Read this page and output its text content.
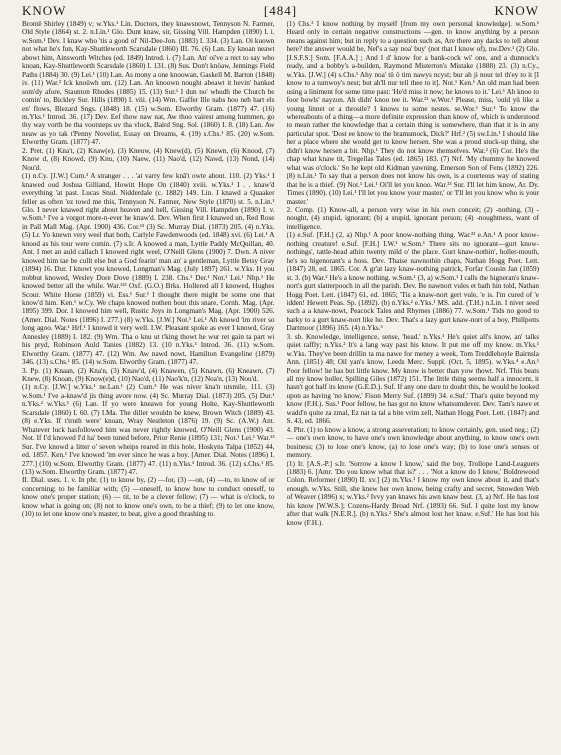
KNOW	[484]	KNOW

Brontë Shirley (1849) v; w.Yks.¹ Lin. Doctors, they knawsnowt, Tennyson N. Farmer, Old Style (1864) st. 2. n.Lin.¹ Glo. Dunt knaw, sir, Gissing Vill. Hampden (1890) I. i. w.Som.¹ Dev. I knaw who 'tis a good ol' Nil-Dee-Jon. (1883) I. 334. (3) Lan. Oi kuown not what he's fun, Kay-Shuttleworth Scarsdale (1860) III. 76. (6) Lan. Ey knoan neawt abowt him, Ainsworth Witches (ed. 1849) Introd. i. (7) Lan. An' oi've a rect to say who knoan, Kay-Shuttleworth Scarsdale (1860) I. 131. (8) Sus. Don't knöaw, Jennings Field Paths (1884) 30. (9) Lei.¹ (10) Lan. As mony a one knoowan, Gaskell M. Barton (1848) iv. (11) War.² Ick knoüwh um. (12) Lan. An knoown nought abeawt it hevin' banked som'dy afore, Staunton Rhodes (1885) 15. (13) Sur.¹ I dun no' whudh the Church be comin' to, Bickley Sur. Hills (1890) I. viii. (14) Wm. Gaffer Ille nabs hoo neh hart els en' flows, Blezard Sngs. (1848) 18. (15) w.Som. Elworthy Gram. (1877) 47. (16) m.Yks.¹ Introd. 36. (17) Dev. Eef thow naw nat, Aw thoo vairest among hummen, go thy way vorth be tha vootsteps uv tha vlock, Baird Sng. Sol. (1860) I. 8. (18) Lan. Aw neaw as yo tak t'Penny Novelist, Essay on Dreams, 4. (19) s.Chs.¹ 85. (20) w.Som. Elworthy Gram. (1877) 47.

2. Pret. (1) Kna't, (2) Knaw(e), (3) Kneuw, (4) Knew(d), (5) Knewn, (6) Knood, (7) Know d, (8) Knowd, (9) Knu, (10) Naew, (11) Nao'd, (12) Nawd, (13) Nond, (14) Nou'd.

(1) n.Cy. [J.W.] Cum.³ A stranger . . . 'at varry few knā't owte about. 110. (2) Yks.¹ I knawed oud Joshua Gilliand, Howitt Hope On (1840) xviii. w.Yks.¹ I . . knaw'd everything 'at past. Lucas Stud. Nidderdale (c. 1882) 149. Lin. I knawd a Quaaker feller as often 'ez towd me this, Tennyson N. Farmer, New Style (1870) st. 5. n.Lin.¹ Glo. I never knawed right about heaven and hell, Gissing Vill. Hampden (1890) I. v. w.Som.¹ I've a vorgot more-n-ever he knaw'd. Dev. When first I knawed un, Red Rose in Pall Mall Mag. (Apr. 1900) 436. Cor.¹³ (3) Sc. Murray Dial. (1873) 205. (4) n.Yks. (5) Lr. Yo knewn very weel that both, Carlyle Fawdenwoods (ed. 1848) xvi. (6) Lei.¹ A knood as his tour were comin. (7) s.Ir. A knowed a man, Lyttle Paddy McQuillan, 40. Ant. I met an auld callach I knowed right weel, O'Neill Glens (1900) 7. Dwn. A niver knowed him tae be cullt else but a God fearin' man an' a gentleman, Lyttle Betsy Gray (1894) 16. Dur. I knowt you knowed, Longman's Mag. (July 1897) 261. w.Yks. H you nobbut knowed, Wesley Dore Dove (1889) I. 238. Chs.¹ Der.¹ Not.¹ Lei.¹ Nhp.¹ He knowed better all the while. War.¹²³ Oxf. (G.O.) Brks. Hollered all I knowed, Hughes Scour. White Horse (1859) vi. Ess.¹ Sur.¹ I thought there might be some one that know'd him. Ken.¹ w.Cy. We chaps knowed nothen bout this snare, Cornh. Mag. (Apr. 1895) 399. Dor. I knowed him well, Rustic Joys in Longman's Mag. (Apr. 1900) 526. (Amer. Dial. Notes (1896) I. 277.) (8) w.Yks. [J.W.] Not.¹ Lei.¹ Ah knowd 'im river so long agoo. War.¹ Hrf.¹ I knowd it very well. I.W. Pleasant spoke as ever I knowd, Gray Annesley (1889) I. 182. (9) Wm. Tha o knu ut t'king thowt he wur ret gain ta part wi his pryd, Robinson Auld Tanies (1882) 13. (10 n.Yks.³ Introd. 36. (11) w.Som. Elworthy Gram. (1877) 47. (12) Wm. Aw nawd nowt, Hamilton Evangeline (1879) 346. (13) s.Chs.¹ 85. (14) w.Som. Elworthy Gram. (1877) 47.

3. Pp. (1) Knaan, (2) Kna'n, (3) Knaw'd, (4) Knawen, (5) Knawn, (6) Kneawn, (7) Knew, (8) Knoan, (9) Know(e)d, (10) Nao'd, (11) Nao'k'n, (12) Noa'n, (13) Nou'd.

(1) n.Cy. [J.W.] w.Yks.¹ ne.Lan.¹ (2) Cum.³ He was niver kna'n utsmile, 111. (3) w.Som.¹ I've a-knaw'd jis thing avore now. (4) Sc. Murray Dial. (1873) 205. (5) Dur.¹ n.Yks.² w.Yks.¹ (6) Lan. If yo were kneawn for young Holte, Kay-Shuttleworth Scarsdale (1860) I. 60. (7) I.Ma. The diller wouldn be knew, Brown Witch (1889) 43. (8) e.Yks. If t'truth were' knoan, Wray Nestleton (1876) 19. (9) Sc. (A.W.) Ant. Whatever luck hasfollowed him was never rightly knowed, O'Neill Glens (1900) 43. Not. If I'd knowed I'd ha' been tuned before, Prior Renie (1895) 131; Not.¹ Lei.¹ War.¹³ Sur. I've knowd a litter o' seven wheips reared in this hole, Hoskyns Talpa (1852) 44, ed. 1857. Ken.¹ I've knowed 'im ever since he was a boy. [Amer. Dial. Notes (1896) I. 277.] (10) w.Som. Elworthy Gram. (1877) 47. (11) n.Yks.³ Introd. 36. (12) s.Chs.¹ 85. (13) w.Som. Elworthy Gram. (1877) 47.

II. Dial. uses. 1. v. In phr. (1) to know by, (2) —for, (3) —on, (4) —to, to know of or concerning; to be familiar with; (5) —oneself, to know how to conduct oneself, to know one's proper station; (6) — tit, to be a clever fellow; (7) — what is o'clock, to know what is going on; (8) not to know one's own, to be a thief; (9) to let one know, (10) to let one know one's master, to beat, give a good thrashing to.

(1) Chs.³ I know nothing by myself [from my own personal knowledge]. w.Som.¹ Heard only in certain negative constructions —gen. to know anything by a person means against him; but in reply to a question such as, Are there any dacks to tell about here? the answer would be, Nef's a say noa' buy' (not that I know of), nw.Dev.¹ (2) Glo. [J.S.F.S.] Som. [F.A.A.] ; And I d' know for a bank-cock wi' one, and a dunnock's ready, and a bobby's a-builden, Raymond Misterton's Mistake (1888) 23. (3) n.Cy., w.Yks. [J.W.] (4) s.Chs.¹ Ahy noa' tü ö tim nawys ncyst; bur ah ji nour tel th'ey to it [I know to a tumwoy's nest; but ah'll nur tell thee to it]. Not.¹ Ken.¹ An old man had been using a liniment for some time past: 'He'd miss it now; he knows to it.' Lei.¹ Ah knoo to foor bowls' nayzon. Ah didn' knoo tee it. War.²³ w.Wor.¹ Please, miss, 'ould yü like a young linnet or a throstle? I knows to some nestes. se.Wor.¹ Sur.¹ To know the whereabouts of a thing—a more definite expression than know of, which is understood to mean rather the knowledge that a certain thing is somewhere, than that it is in any particular spot. 'Dost ee know to the bramsmock, Dick?' Hrf.² (5) sw.Lin.¹ I should like her a place where she would get to know hersen. She was a proud stuck-up thing, she didn't know hersen a bit. Nhp.¹ They do not know themselves. War.² (6) Cor. He's the chap what knaw tit, Tregellas Tales (ed. 1865) 183. (7) Nrf. 'My chummy he knowed what was o'clock.' So he kept old Kidman yawning, Emerson Son of Fens (1892) 226. (8) n.Lin.¹ To say that a person does not know his own, is a courteous way of stating that he is a thief. (9) Not.¹ Lei.¹ Oi'll let you knoo. War.²³ Sur. I'll let him know, Ar. Dy. Times (1890). (10) Lei.¹ I'll let you know your master,' or 'I'll let you know who is your master.'

2. Comp. (1) Know-all, a person very wise in his own conceit; (2) -nothing, (3) -nought, (4) stupid, ignorant; (b) a stupid, ignorant person; (4) -noughtness, want of intelligence.

(1) e.Suf. [F.H.] (2, a) Nhp.¹ A poor know-nothing thing. War.²³ e.An.¹ A poor know-nothing creature! e.Suf. [F.H.] I.W.¹ w.Som.¹ There sits no ignorant—gurt know-nothings', tattle-head athin twenty mild o' the place. Gurt knaw-nothin', holler-mouth, he's so higenorant's a hoss. Dev. Thaise nawnothin chaps, Nathan Hogg Poet. Lett. (1847) 28, ed. 1865. Cor. A gr'at lazy knaw-nothing patrick, Forfar Cousin Jan (1859) st. 3. (b) War.² He's a know nothing. w.Som.¹ (3, a) w.Som.¹ I calls the higneran's knaw-nort's gurt slatterpooch in all the parish. Dev. Be nawnort vules et bath hin told, Nathan Hogg Poet. Lett. (1847) 61, ed. 1865; 'Tis a knaw-nort gert vule, 'e is. I'm cured of 'e idden! Hewett Peas. Sp. (1892). (b) n.Yks.² e.Yks.¹ MS. add. (T.H.) n.Lin. I niver seed such a a knaw-nowt, Peacock Tales and Rhymes (1886) 77. w.Som.¹ Tids no good to harky to a gurt knaw-nort like he. Dev. That's a lazy gurt knaw-nort of a boy, Phillpotts Dartmoor (1896) 165. (4) n.Yks.³

3. sb. Knowledge, intelligence, sense, 'head.' n.Yks.¹ He's quiet all's know, an' talks quiet raffly; n.Yks.² It's a lang way past his know. It put me off my know. m.Yks.¹ w.Yks. They've been drillin ta ma nawe for meney a week, Tom Treddlehoyle Bairnsla Ann. (1851) 48; Oil yan's know, Leeds Merc. Suppl. (Oct. 5, 1895). w.Yks.⁴ e.An.¹ Poor fellow! he has but little know. My know is better than yow thowt. Nrf. This beats all my know holler, Spilling Giles (1872) 151. The little thing seems half a innocent, it hasn't got half its know (G.E.D.). Suf. If any one dare to doubt this, he would be looked upon as having 'no know,' Fison Merry Suf. (1899) 34. e.Suf.' That's quite beyond my know (F.H.). Sus.¹ Poor fellow, he has got no know whatsumdever. Dev. Tam's nawe et wadd'n quite za zmal, Ez nat ta tal a bite vrim zell, Nathan Hogg Poet. Lett. (1847) and S. 43, ed. 1866.

4. Phr. (1) to know a know, a strong asseveration; to know certainly, gen. used neg.; (2) — one's own know, to have one's own knowledge about anything, to know one's own business; (3) to lose one's know, (a) to lose one's way; (b) to lose one's senses or memory.

(1) Ir. [A.S.-P.] s.Ir. 'Sorrow a know I know,' said the boy, Trollope Land-Leaguers (1883) 6. [Amr. 'Do you know what that is?' . . . 'Not a know do I know,' Boldrewood Colon. Reformer (1890) II. xv.] (2) m.Yks.¹ I know my own know about it, and that's enough. w.Yks. Still, she knew her own know, being crafty and secret, Snowden Web of Weaver (1896) x; w.Yks.² Ivvy yan knaws his awn knaw best. (3, a) Nrf. He has lost his know [W.W.S.]; Cozens-Hardy Broad Nrf. (1893) 66. Suf. I quite lost my know after that walk [N.E.R.]. (b) n.Yks.² She's almost lost her knaw. e.Suf.' He has lost his know (F.H.).
